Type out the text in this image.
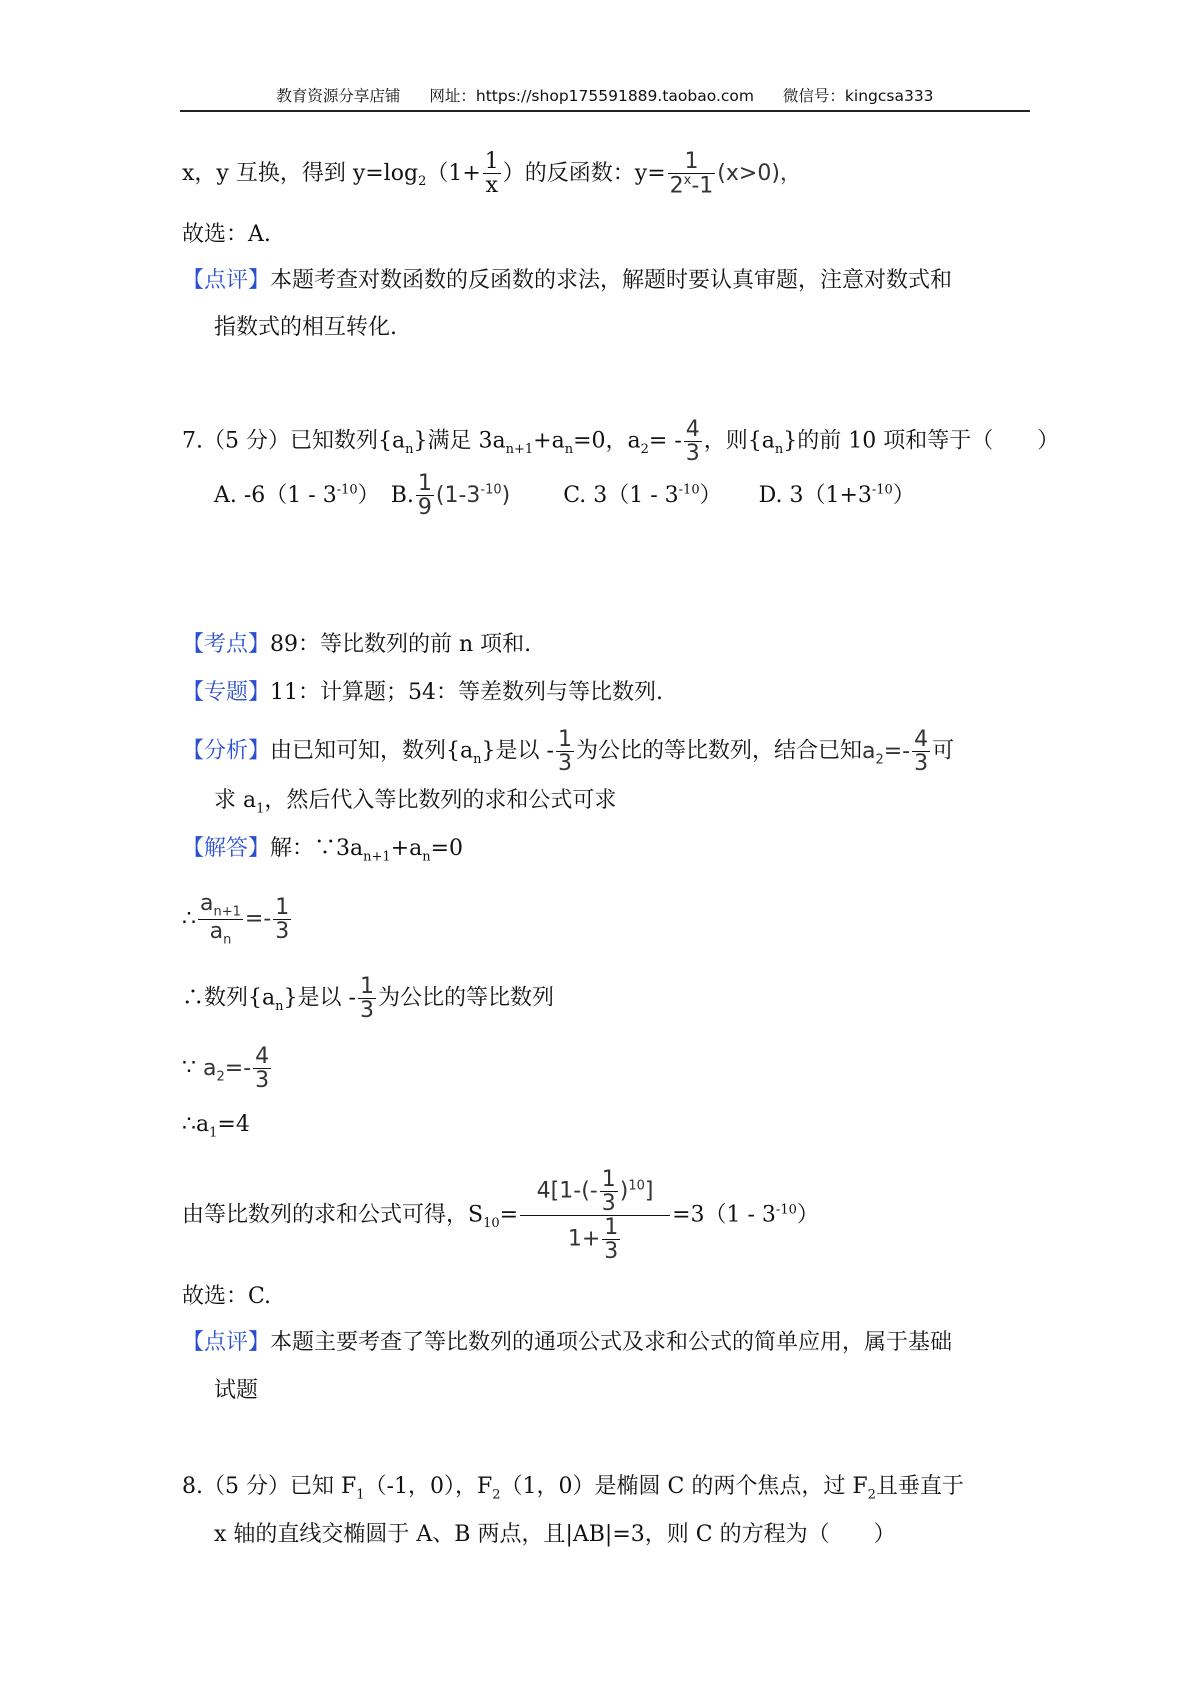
教育资源分享店铺 网址：https://shop175591889.taobao.com 微信号：kingcsa333
x，y 互换，得到 $y=\log_2(1+ \frac{1}{x}$ ）的反函数：$y= \frac{1}{2^x-1} (x>0)$，
故选：A.
【点评】本题考查对数函数的反函数的求法，解题时要认真审题，注意对数式和
指数式的相互转化.
7.（5 分）已知数列$\{a_n\}$满足 $3a_{n+1}+a_n=0$，$a_2= - \frac{4}{3}$ ，则$\{a_n\}$的前 10 项和等于（　　）
A. $-6(1 - 3^{-10})$ B. $\frac{1}{9} (1-3^{-10})$ C. $3(1 - 3^{-10})$ D. $3(1+3^{-10})$
【考点】89：等比数列的前 n 项和.
【专题】11：计算题；54：等差数列与等比数列.
【分析】由已知可知，数列$\{a_n\}$是以 - $\frac{1}{3}$ 为公比的等比数列，结合已知$a_2=- \frac{4}{3}$ 可
求 $a_1$，然后代入等比数列的求和公式可求
【解答】解：$\because 3a_{n+1}+a_n=0$
∴ $\frac{a_{n+1}}{a_n} =- \frac{1}{3}$
∴数列$\{a_n\}$是以 - $\frac{1}{3}$ 为公比的等比数列
∵ $a_2=- \frac{4}{3}$
$\therefore a_1=4$
由等比数列的求和公式可得，$S_{10}= \frac{4[1-(- \frac{1}{3} )^{10}]}{1+ \frac{1}{3}} =3(1 - 3^{-10})$
故选：C.
【点评】本题主要考查了等比数列的通项公式及求和公式的简单应用，属于基础
试题
8.（5 分）已知 $F_1(-1$，0），$F_2(1$，0）是椭圆 C 的两个焦点，过 $F_2$且垂直于
x 轴的直线交椭圆于 A、B 两点，且|AB|=3，则 C 的方程为（　　）
